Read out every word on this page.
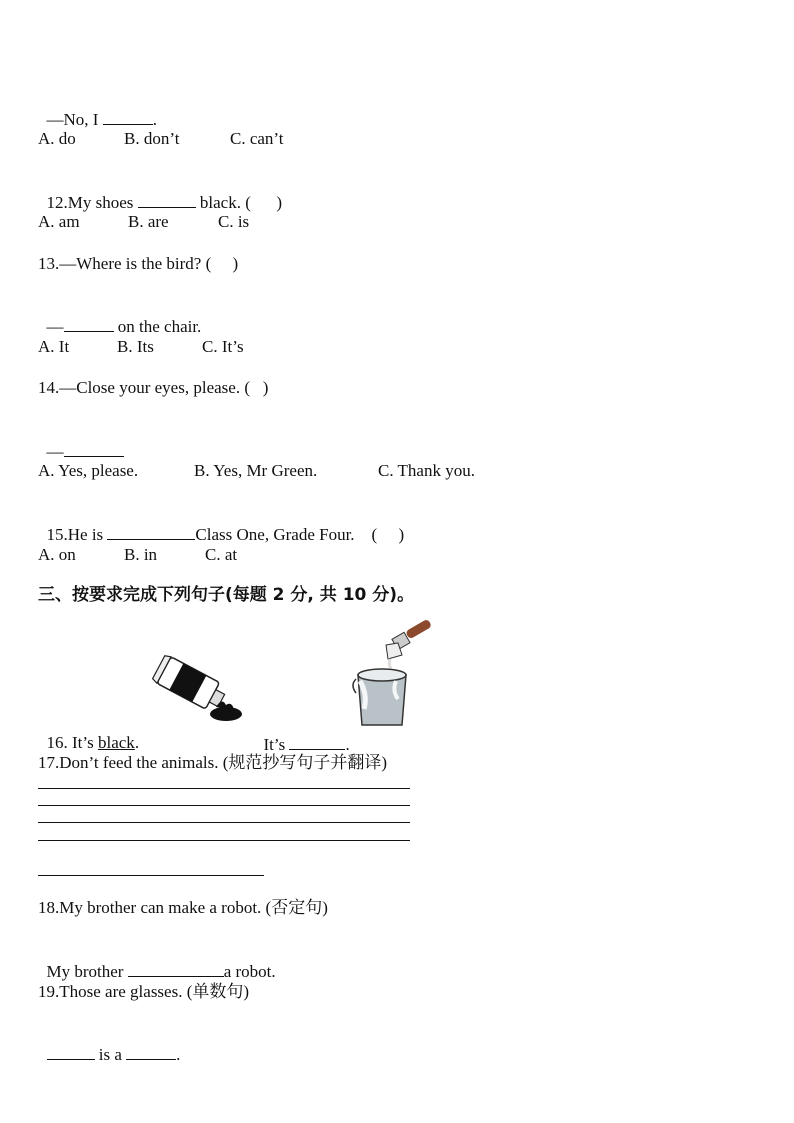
—No, I	.

A. do	B. don’t	C. can’t

12.My shoes	black. (      )

A. am	B. are	C. is
13.—Where is the bird? (     )

—	on the chair.

A. It	B. Its	C. It’s
14.—Close your eyes, please. (   )

—

A. Yes, please.	B. Yes, Mr Green.	C. Thank you.

15.He is	Class One, Grade Four.    (     )

A. on	B. in	C. at
三、按要求完成下列句子(每题 2 分, 共 10 分)。

16. It’s black.	It’s	.

17.Don’t feed the animals. (规范抄写句子并翻译)
18.My brother can make a robot. (否定句)

My brother	a robot.

19.Those are glasses. (单数句)

is a	.
